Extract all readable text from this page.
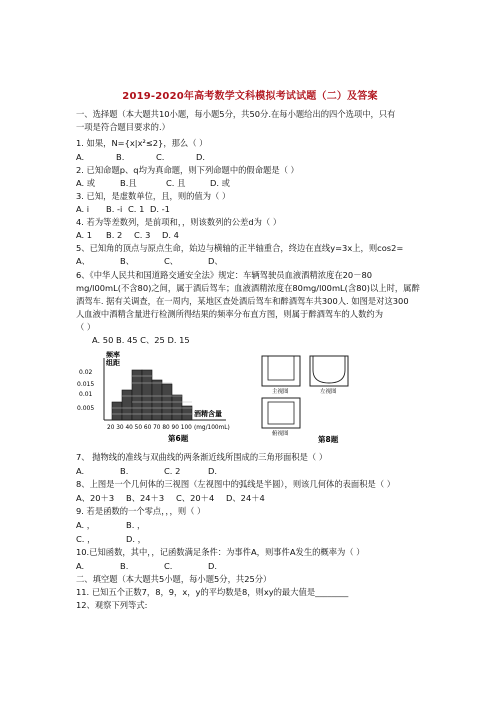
2019-2020年高考数学文科模拟考试试题（二）及答案
一、选择题（本大题共10小题，每小题5分，共50分.在每小题给出的四个选项中，只有
一项是符合题目要求的.）
1. 如果，N={x|x²≤2}，那么（ ）
A.	B.	C.	D.
2. 已知命题p、q均为真命题，则下列命题中的假命题是（ ）
A. 或	B.且	C. 且	D. 或
3. 已知，是虚数单位，且，则的值为（ ）
A. i B. -i C. 1 D. -1
4. 若为等差数列，是前项和，，则该数列的公差d为（ ）
A. 1 B. 2 C. 3 D. 4
5、已知角的顶点与原点生命，始边与横轴的正半轴重合，终边在直线y=3x上，则cos2=
A、	B、	C、	D、
6、《中华人民共和国道路交通安全法》规定：车辆驾驶员血液酒精浓度在20－80
mg/l00mL(不含80)之间，属于酒后驾车；血液酒精浓度在80mg/l00mL(含80)以上时，属醉
酒驾车. 据有关调查，在一周内，某地区查处酒后驾车和醉酒驾车共300人. 如图是对这300
人血液中酒精含量进行检测所得结果的频率分布直方图，则属于醉酒驾车的人数约为
（ ）
A. 50 B. 45 C、25 D. 15
频率
组距
0.02
0.015
0.01
0.005
酒精含量
20 30 40 50 60 70 80 90 100 (mg/100mL)
第6题
主视图	左视图
俯视图
第8题
7、 抛物线的准线与双曲线的两条渐近线所围成的三角形面积是（ ）
A.	B.	C. 2	D.
8、上图是一个几何体的三视图（左视图中的弧线是半圆），则该几何体的表面积是（ ）
A、20＋3 B、24＋3 C、20＋4 D、24＋4
9. 若是函数的一个零点，，，则（ ）
A. ，	B. ，
C. ，	D. ，
10.已知函数，其中，，记函数满足条件：为事件A，则事件A发生的概率为（ ）
A.	B.	C.	D.
二、填空题（本大题共5小题，每小题5分，共25分）
11. 已知五个正数7，8，9，x，y的平均数是8，则xy的最大值是________
12、观察下列等式:
